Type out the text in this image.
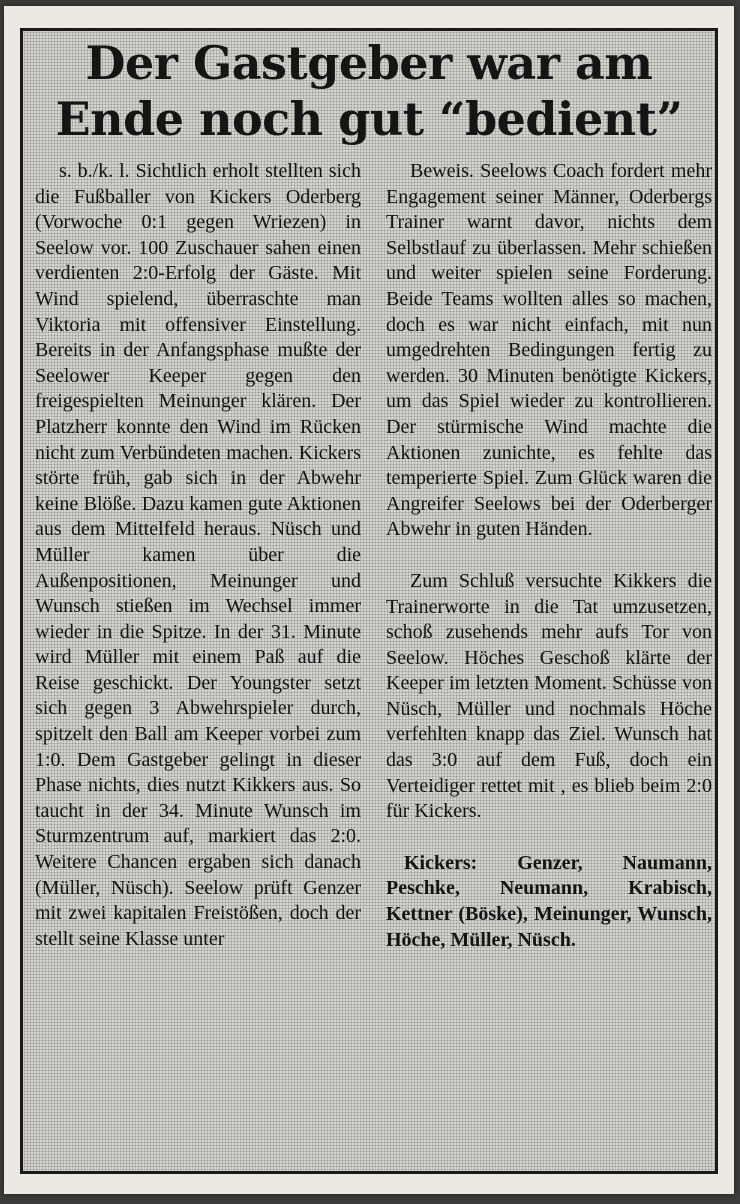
Der Gastgeber war am
Ende noch gut “bedient”

s. b./k. l. Sichtlich erholt stellten sich die Fußballer von Kickers Oderberg (Vorwoche 0:1 gegen Wriezen) in Seelow vor. 100 Zuschauer sahen einen verdienten 2:0-Erfolg der Gäste. Mit Wind spielend, überraschte man Viktoria mit offensiver Einstellung. Bereits in der Anfangsphase mußte der Seelower Keeper gegen den freigespielten Meinunger klären. Der Platzherr konnte den Wind im Rücken nicht zum Verbündeten machen. Kickers störte früh, gab sich in der Abwehr keine Blöße. Dazu kamen gute Aktionen aus dem Mittelfeld heraus. Nüsch und Müller kamen über die Außenpositionen, Meinunger und Wunsch stießen im Wechsel immer wieder in die Spitze. In der 31. Minute wird Müller mit einem Paß auf die Reise geschickt. Der Youngster setzt sich gegen 3 Abwehrspieler durch, spitzelt den Ball am Keeper vorbei zum 1:0. Dem Gastgeber gelingt in dieser Phase nichts, dies nutzt Kikkers aus. So taucht in der 34. Minute Wunsch im Sturmzentrum auf, markiert das 2:0. Weitere Chancen ergaben sich danach (Müller, Nüsch). Seelow prüft Genzer mit zwei kapitalen Freistößen, doch der stellt seine Klasse unter

Beweis. Seelows Coach fordert mehr Engagement seiner Männer, Oderbergs Trainer warnt davor, nichts dem Selbstlauf zu überlassen. Mehr schießen und weiter spielen seine Forderung. Beide Teams wollten alles so machen, doch es war nicht einfach, mit nun umgedrehten Bedingungen fertig zu werden. 30 Minuten benötigte Kickers, um das Spiel wieder zu kontrollieren. Der stürmische Wind machte die Aktionen zunichte, es fehlte das temperierte Spiel. Zum Glück waren die Angreifer Seelows bei der Oderberger Abwehr in guten Händen.

Zum Schluß versuchte Kikkers die Trainerworte in die Tat umzusetzen, schoß zusehends mehr aufs Tor von Seelow. Höches Geschoß klärte der Keeper im letzten Moment. Schüsse von Nüsch, Müller und nochmals Höche verfehlten knapp das Ziel. Wunsch hat das 3:0 auf dem Fuß, doch ein Verteidiger rettet mit , es blieb beim 2:0 für Kickers.

Kickers: Genzer, Naumann, Peschke, Neumann, Krabisch, Kettner (Böske), Meinunger, Wunsch, Höche, Müller, Nüsch.
